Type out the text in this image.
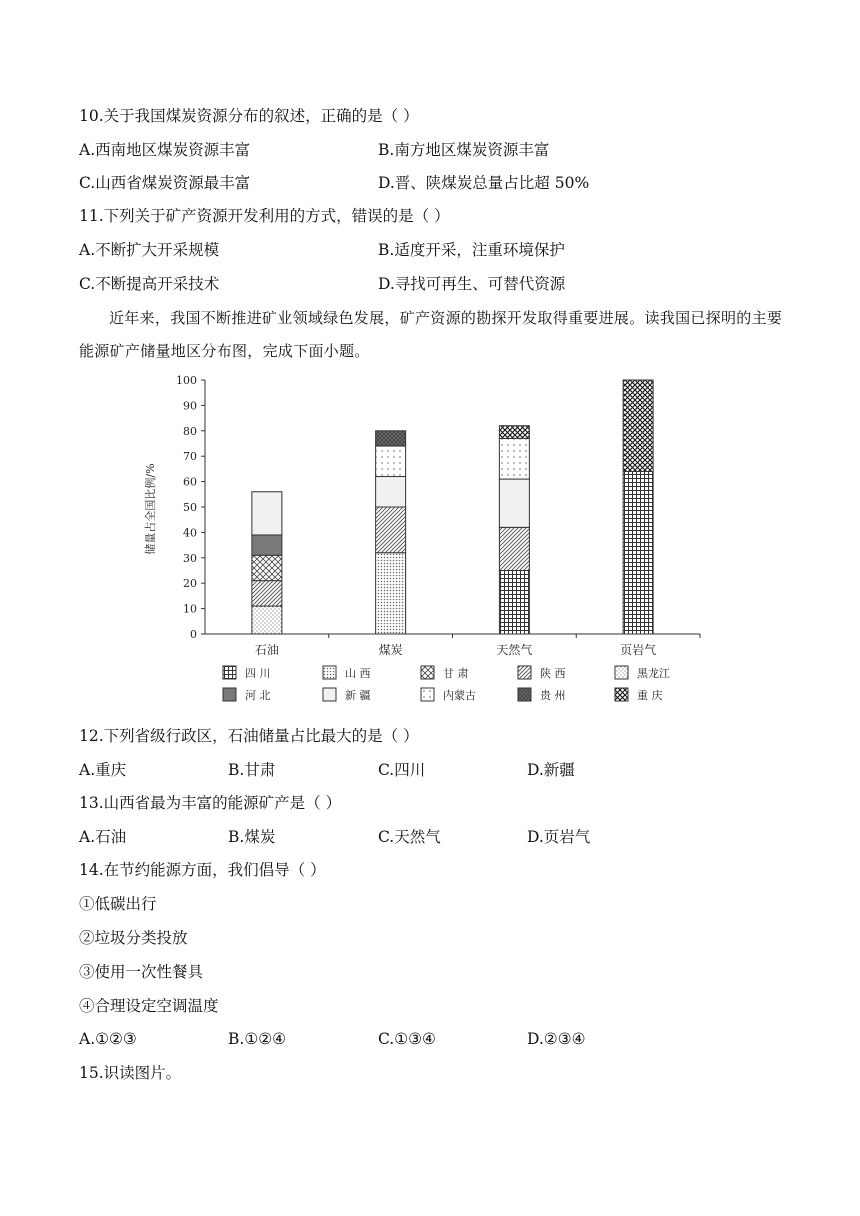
10.关于我国煤炭资源分布的叙述，正确的是（ ）
A.西南地区煤炭资源丰富	B.南方地区煤炭资源丰富
C.山西省煤炭资源最丰富	D.晋、陕煤炭总量占比超 50%
11.下列关于矿产资源开发利用的方式，错误的是（ ）
A.不断扩大开采规模	B.适度开采，注重环境保护
C.不断提高开采技术	D.寻找可再生、可替代资源
近年来，我国不断推进矿业领域绿色发展，矿产资源的勘探开发取得重要进展。读我国已探明的主要能源矿产储量地区分布图，完成下面小题。
储量占全国比例/%
0
10
20
30
40
50
60
70
80
90
100
石油	煤炭	天然气	页岩气
四 川	山 西	甘 肃	陕 西	黑龙江
河 北	新 疆	内蒙古	贵 州	重 庆
12.下列省级行政区，石油储量占比最大的是（ ）
A.重庆	B.甘肃	C.四川	D.新疆
13.山西省最为丰富的能源矿产是（ ）
A.石油	B.煤炭	C.天然气	D.页岩气
14.在节约能源方面，我们倡导（ ）
①低碳出行
②垃圾分类投放
③使用一次性餐具
④合理设定空调温度
A.①②③	B.①②④	C.①③④	D.②③④
15.识读图片。
